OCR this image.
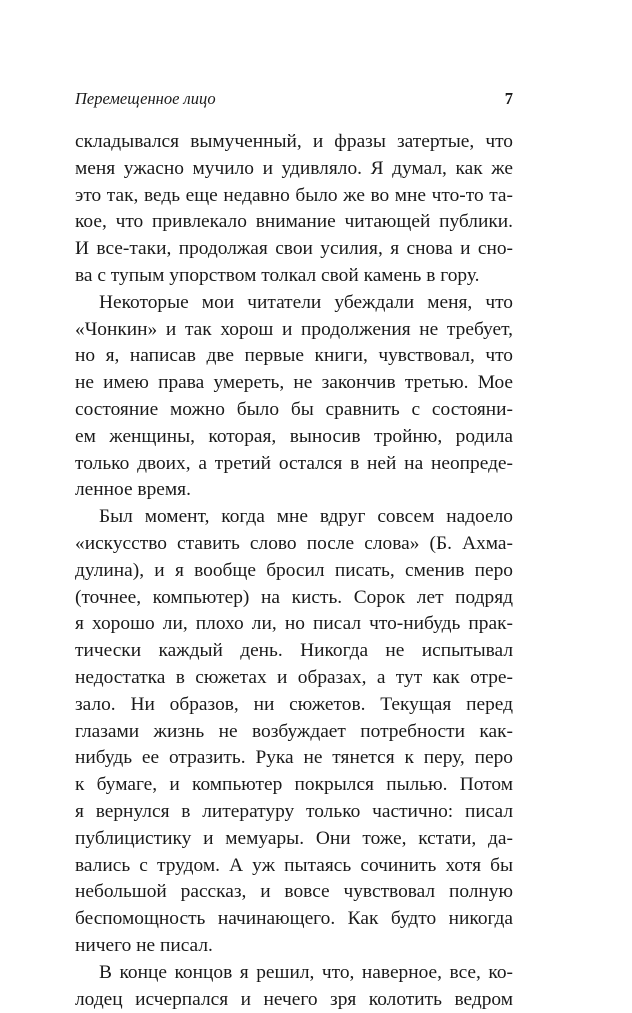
Перемещенное лицо	7
складывался вымученный, и фразы затертые, что
меня ужасно мучило и удивляло. Я думал, как же
это так, ведь еще недавно было же во мне что-то та-
кое, что привлекало внимание читающей публики.
И все-таки, продолжая свои усилия, я снова и сно-
ва с тупым упорством толкал свой камень в гору.
Некоторые мои читатели убеждали меня, что
«Чонкин» и так хорош и продолжения не требует,
но я, написав две первые книги, чувствовал, что
не имею права умереть, не закончив третью. Мое
состояние можно было бы сравнить с состояни-
ем женщины, которая, выносив тройню, родила
только двоих, а третий остался в ней на неопреде-
ленное время.
Был момент, когда мне вдруг совсем надоело
«искусство ставить слово после слова» (Б. Ахма-
дулина), и я вообще бросил писать, сменив перо
(точнее, компьютер) на кисть. Сорок лет подряд
я хорошо ли, плохо ли, но писал что-нибудь прак-
тически каждый день. Никогда не испытывал
недостатка в сюжетах и образах, а тут как отре-
зало. Ни образов, ни сюжетов. Текущая перед
глазами жизнь не возбуждает потребности как-
нибудь ее отразить. Рука не тянется к перу, перо
к бумаге, и компьютер покрылся пылью. Потом
я вернулся в литературу только частично: писал
публицистику и мемуары. Они тоже, кстати, да-
вались с трудом. А уж пытаясь сочинить хотя бы
небольшой рассказ, и вовсе чувствовал полную
беспомощность начинающего. Как будто никогда
ничего не писал.
В конце концов я решил, что, наверное, все, ко-
лодец исчерпался и нечего зря колотить ведром
